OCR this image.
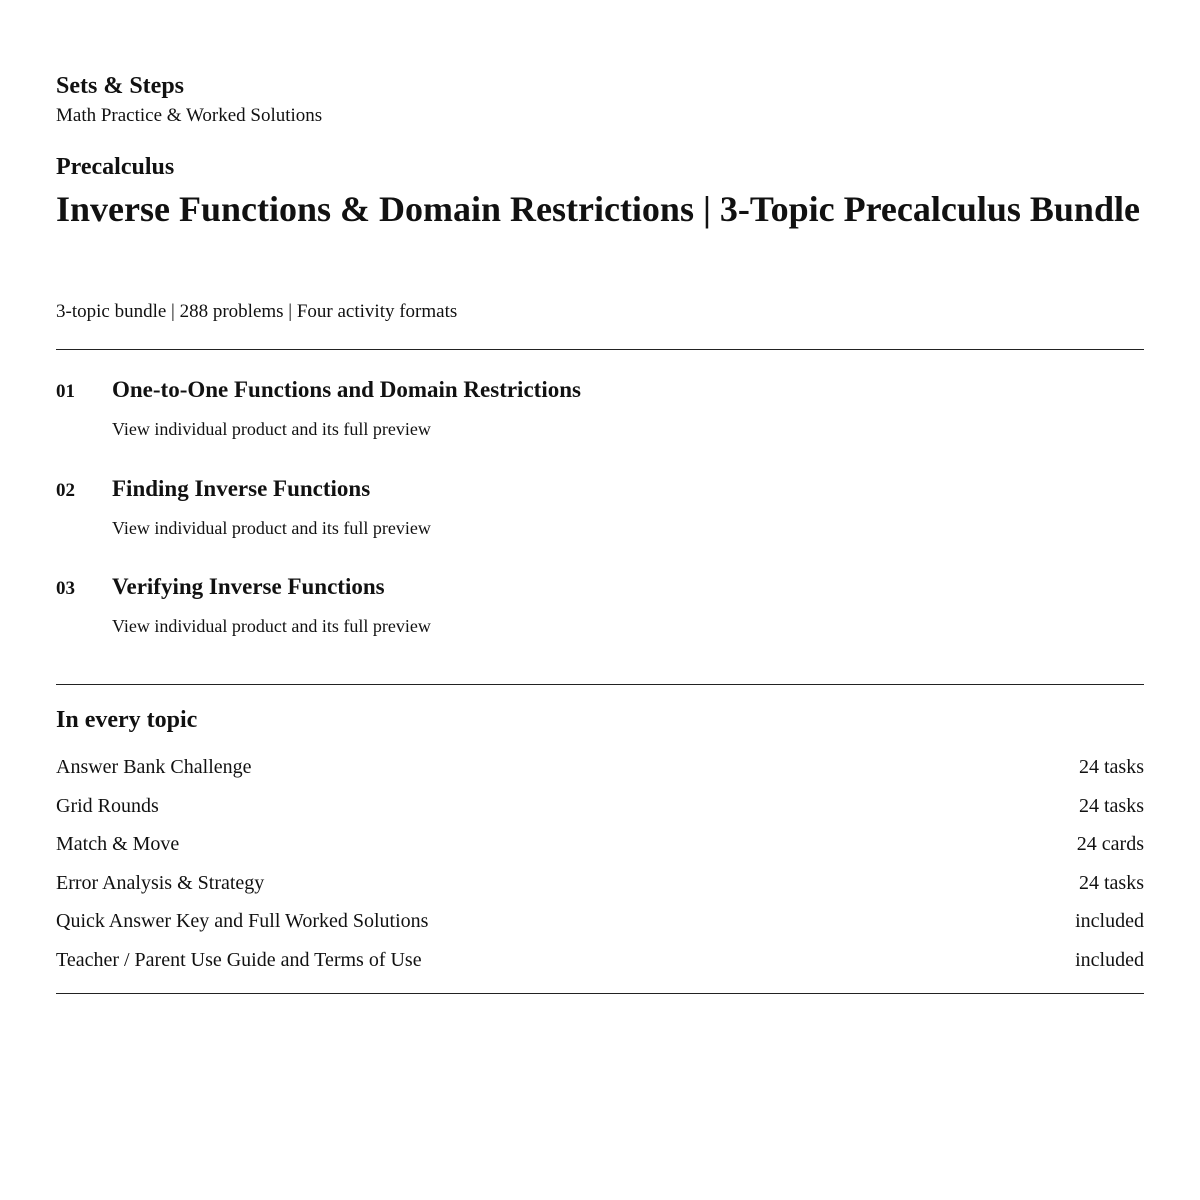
Sets & Steps
Math Practice & Worked Solutions
Precalculus
Inverse Functions & Domain Restrictions | 3-Topic Precalculus Bundle
3-topic bundle | 288 problems | Four activity formats
01 One-to-One Functions and Domain Restrictions
View individual product and its full preview
02 Finding Inverse Functions
View individual product and its full preview
03 Verifying Inverse Functions
View individual product and its full preview
In every topic
Answer Bank Challenge	24 tasks
Grid Rounds	24 tasks
Match & Move	24 cards
Error Analysis & Strategy	24 tasks
Quick Answer Key and Full Worked Solutions	included
Teacher / Parent Use Guide and Terms of Use	included
